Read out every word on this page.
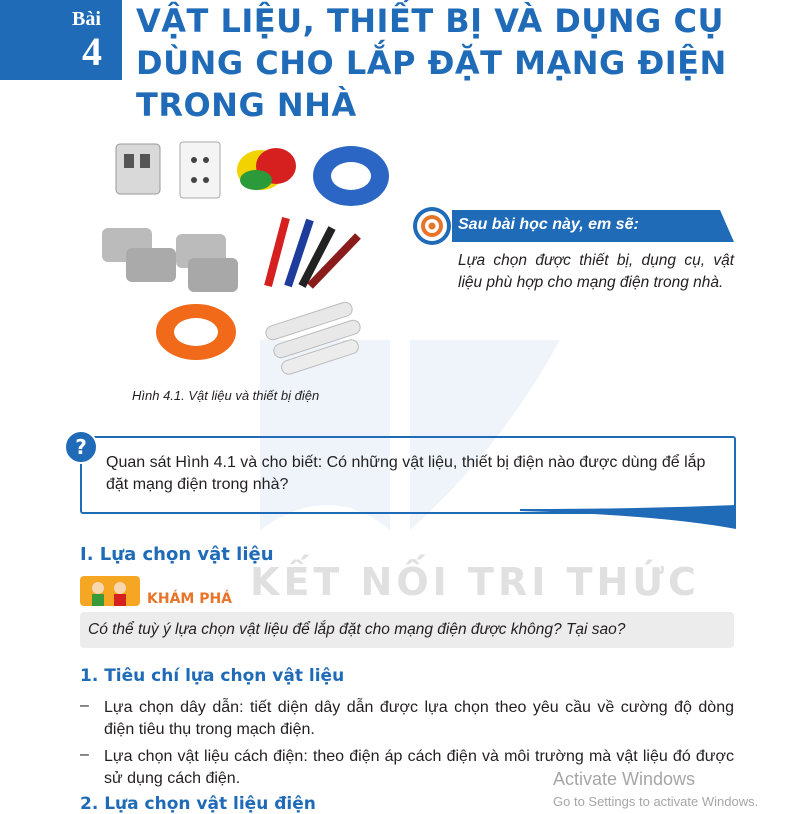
Bài
4
VẬT LIỆU, THIẾT BỊ VÀ DỤNG CỤ
DÙNG CHO LẮP ĐẶT MẠNG ĐIỆN
TRONG NHÀ
KẾT NỐI TRI THỨC
Hình 4.1. Vật liệu và thiết bị điện
Sau bài học này, em sẽ:
Lựa chọn được thiết bị, dụng cụ, vật liệu phù hợp cho mạng điện trong nhà.
?
Quan sát Hình 4.1 và cho biết: Có những vật liệu, thiết bị điện nào được dùng để lắp đặt mạng điện trong nhà?
I. Lựa chọn vật liệu
KHÁM PHÁ
Có thể tuỳ ý lựa chọn vật liệu để lắp đặt cho mạng điện được không? Tại sao?
1. Tiêu chí lựa chọn vật liệu
– Lựa chọn dây dẫn: tiết diện dây dẫn được lựa chọn theo yêu cầu về cường độ dòng điện tiêu thụ trong mạch điện.
– Lựa chọn vật liệu cách điện: theo điện áp cách điện và môi trường mà vật liệu đó được sử dụng cách điện.
2. Lựa chọn vật liệu điện
Activate Windows
Go to Settings to activate Windows.
